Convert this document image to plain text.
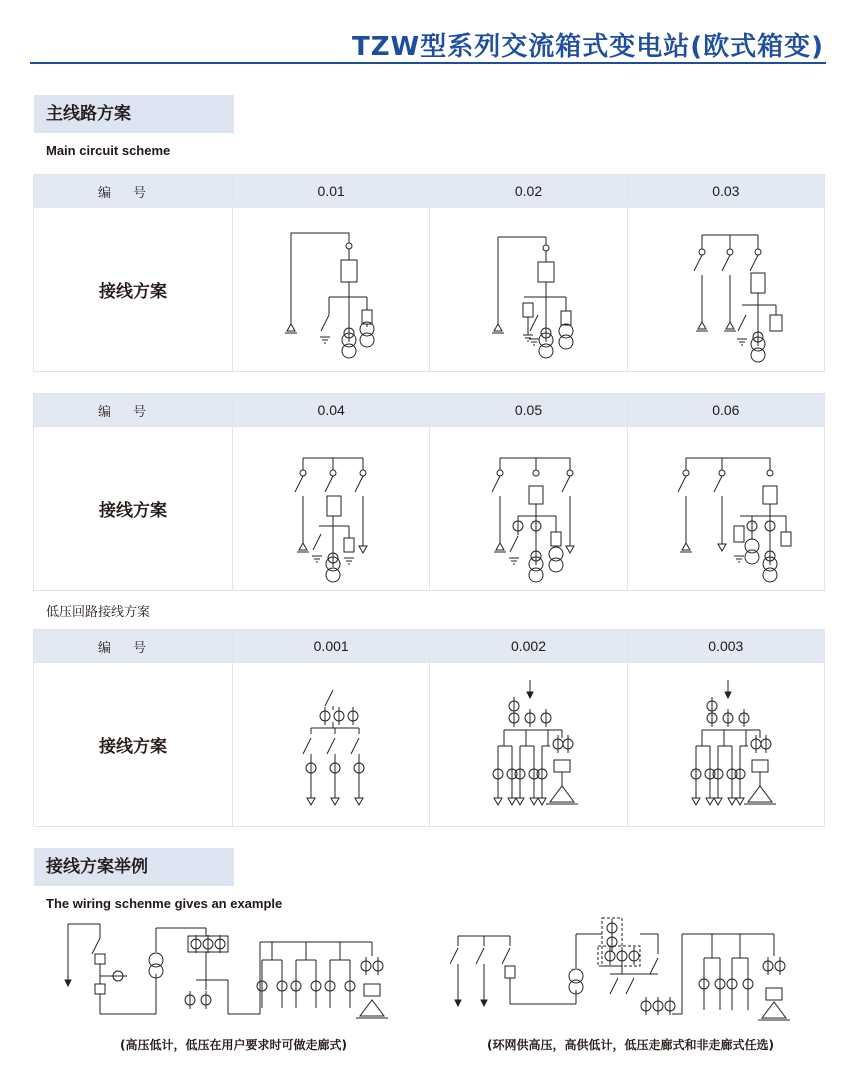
TZW型系列交流箱式变电站(欧式箱变)
主线路方案
Main circuit scheme
编号	0.01	0.02	0.03
接线方案	

编号	0.04	0.05	0.06
接线方案	

低压回路接线方案
编号	0.001	0.002	0.003
接线方案	

接线方案举例
The wiring schenme gives an example
(高压低计，低压在用户要求时可做走廊式)	(环网供高压，高供低计，低压走廊式和非走廊式任选)
